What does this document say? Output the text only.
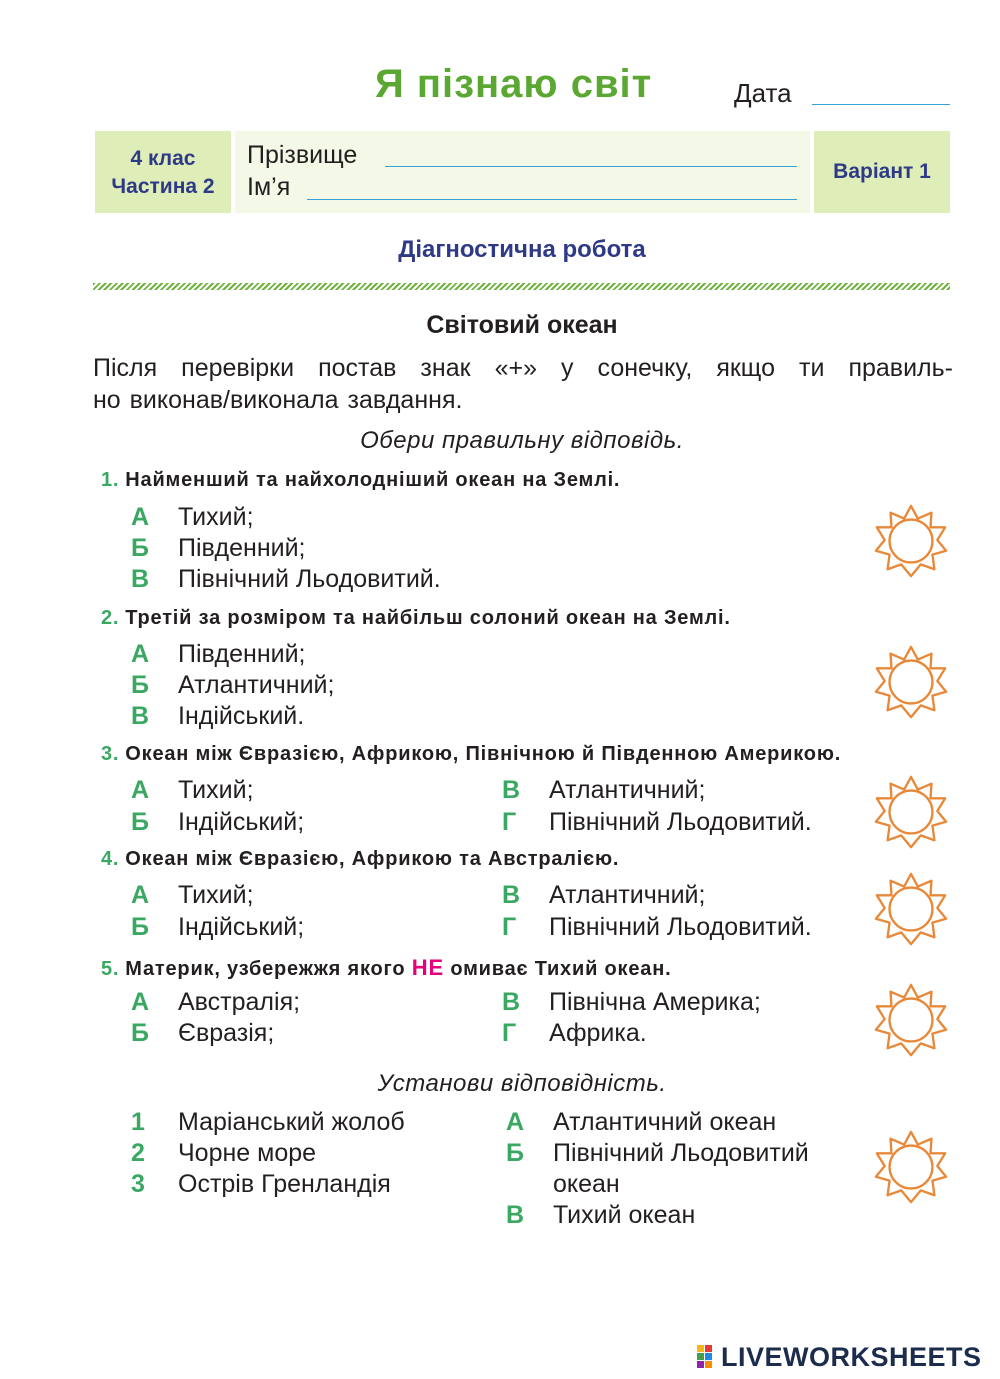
Я пізнаю світ	Дата
4 клас
Частина 2
Прізвище
Ім’я
Варіант 1
Діагностична робота
Світовий океан
Після перевірки постав знак «+» у сонечку, якщо ти правиль-
но виконав/виконала завдання.
Обери правильну відповідь.
1. Найменший та найхолодніший океан на Землі.
А Тихий;
Б Південний;
В Північний Льодовитий.
2. Третій за розміром та найбільш солоний океан на Землі.
А Південний;
Б Атлантичний;
В Індійський.
3. Океан між Євразією, Африкою, Північною й Південною Америкою.
А Тихий;
Б Індійський;
В Атлантичний;
Г Північний Льодовитий.
4. Океан між Євразією, Африкою та Австралією.
А Тихий;
Б Індійський;
В Атлантичний;
Г Північний Льодовитий.
5. Материк, узбережжя якого НЕ омиває Тихий океан.
А Австралія;
Б Євразія;
В Північна Америка;
Г Африка.
Установи відповідність.
1 Маріанський жолоб
2 Чорне море
3 Острів Гренландія
А Атлантичний океан
Б Північний Льодовитий
океан
В Тихий океан
LIVEWORKSHEETS
